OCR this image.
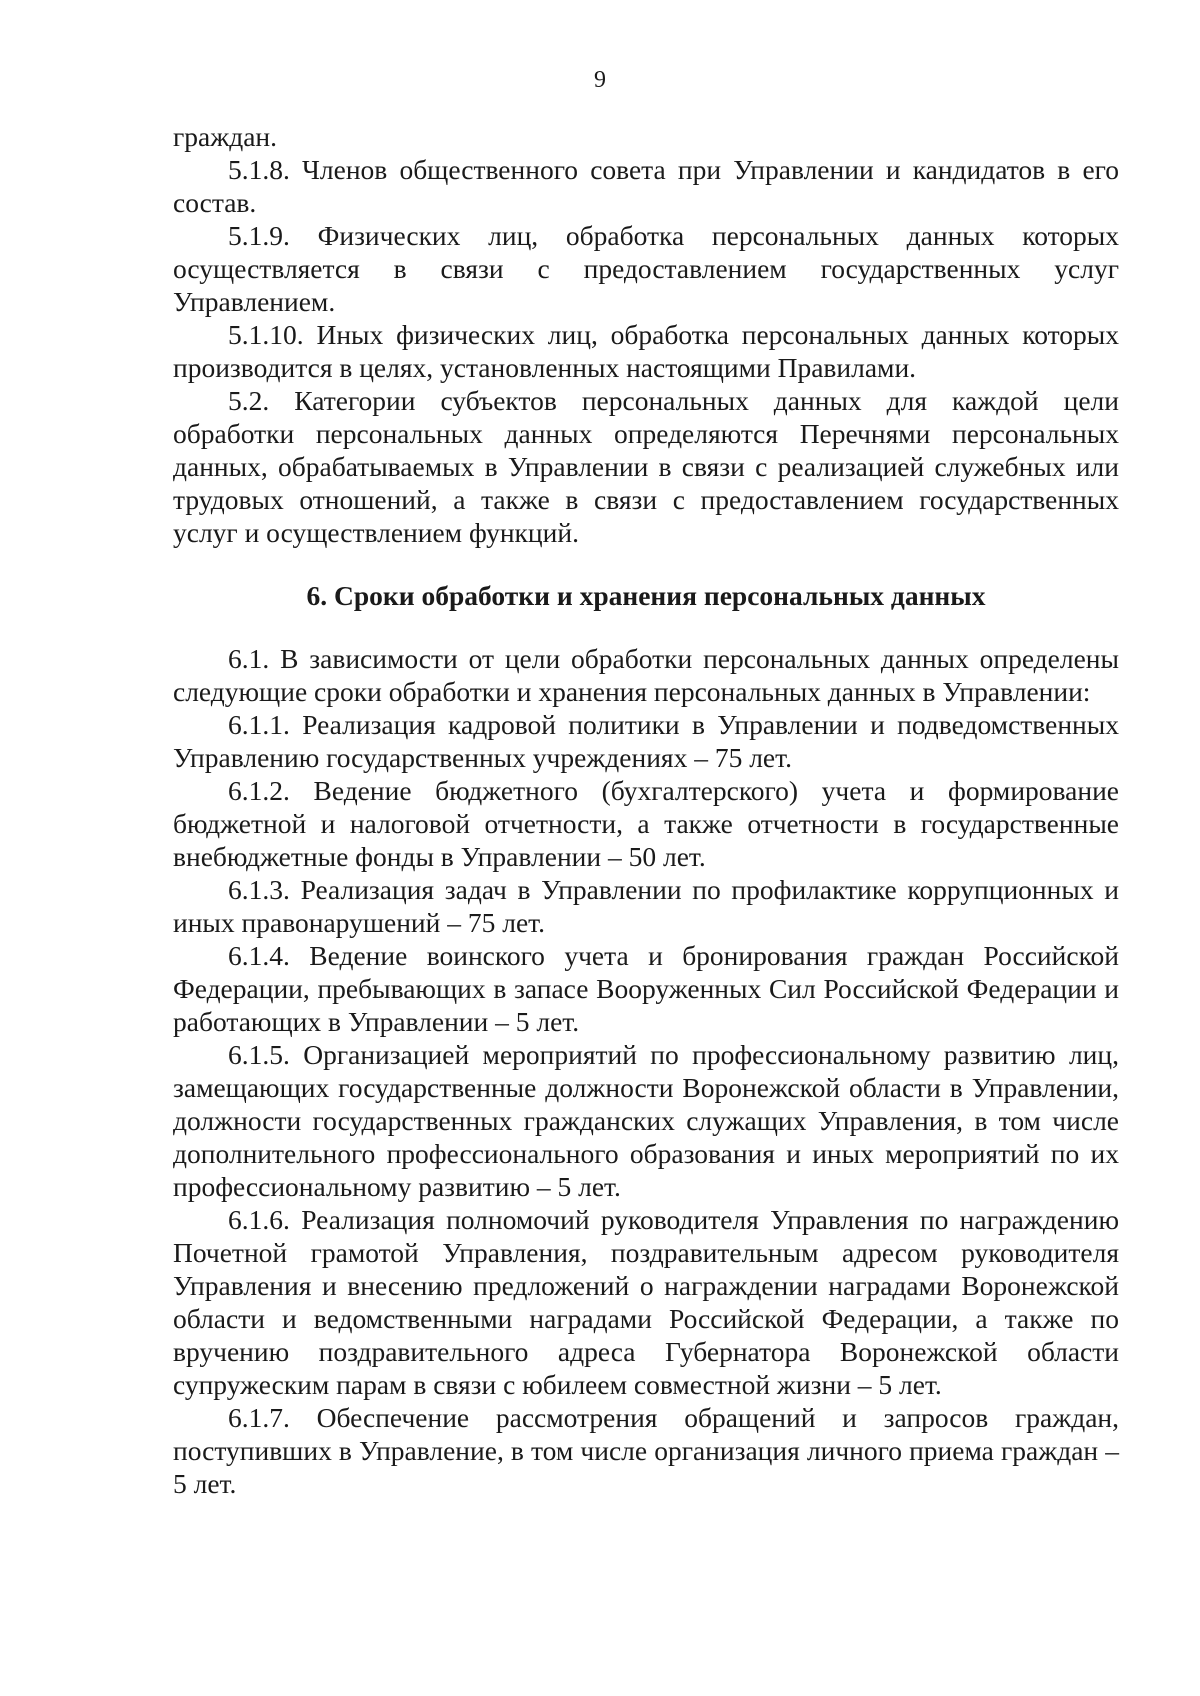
9

граждан.

5.1.8. Членов общественного совета при Управлении и кандидатов в его состав.

5.1.9. Физических лиц, обработка персональных данных которых осуществляется в связи с предоставлением государственных услуг Управлением.

5.1.10. Иных физических лиц, обработка персональных данных которых производится в целях, установленных настоящими Правилами.

5.2. Категории субъектов персональных данных для каждой цели обработки персональных данных определяются Перечнями персональных данных, обрабатываемых в Управлении в связи с реализацией служебных или трудовых отношений, а также в связи с предоставлением государственных услуг и осуществлением функций.

6. Сроки обработки и хранения персональных данных

6.1. В зависимости от цели обработки персональных данных определены следующие сроки обработки и хранения персональных данных в Управлении:

6.1.1. Реализация кадровой политики в Управлении и подведомственных Управлению государственных учреждениях – 75 лет.

6.1.2. Ведение бюджетного (бухгалтерского) учета и формирование бюджетной и налоговой отчетности, а также отчетности в государственные внебюджетные фонды в Управлении – 50 лет.

6.1.3. Реализация задач в Управлении по профилактике коррупционных и иных правонарушений – 75 лет.

6.1.4. Ведение воинского учета и бронирования граждан Российской Федерации, пребывающих в запасе Вооруженных Сил Российской Федерации и работающих в Управлении – 5 лет.

6.1.5. Организацией мероприятий по профессиональному развитию лиц, замещающих государственные должности Воронежской области в Управлении, должности государственных гражданских служащих Управления, в том числе дополнительного профессионального образования и иных мероприятий по их профессиональному развитию – 5 лет.

6.1.6. Реализация полномочий руководителя Управления по награждению Почетной грамотой Управления, поздравительным адресом руководителя Управления и внесению предложений о награждении наградами Воронежской области и ведомственными наградами Российской Федерации, а также по вручению поздравительного адреса Губернатора Воронежской области супружеским парам в связи с юбилеем совместной жизни – 5 лет.

6.1.7. Обеспечение рассмотрения обращений и запросов граждан, поступивших в Управление, в том числе организация личного приема граждан – 5 лет.
